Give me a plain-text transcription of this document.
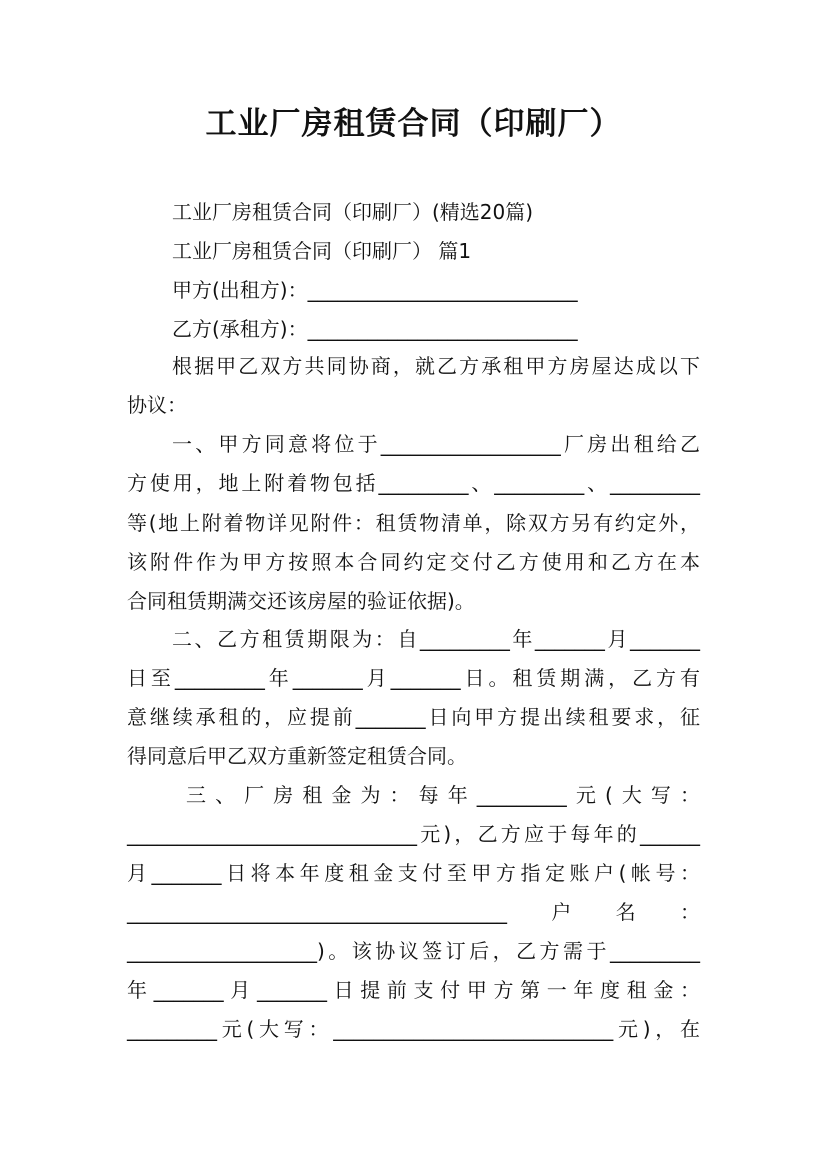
工业厂房租赁合同（印刷厂）
工业厂房租赁合同（印刷厂）(精选20篇)
工业厂房租赁合同（印刷厂） 篇1
甲方(出租方)：___________________________
乙方(承租方)：___________________________
根据甲乙双方共同协商，就乙方承租甲方房屋达成以下
协议：
一、甲方同意将位于__________________厂房出租给乙
方使用，地上附着物包括_________、_________、_________
等(地上附着物详见附件：租赁物清单，除双方另有约定外，
该附件作为甲方按照本合同约定交付乙方使用和乙方在本
合同租赁期满交还该房屋的验证依据)。
二、乙方租赁期限为：自_________年_______月_______
日至_________年_______月_______日。租赁期满，乙方有
意继续承租的，应提前_______日向甲方提出续租要求，征
得同意后甲乙双方重新签定租赁合同。
三、厂房租金为：每年_________元(大写：
_____________________________元)，乙方应于每年的______
月_______日将本年度租金支付至甲方指定账户(帐号：
______________________________________户名：
___________________)。该协议签订后，乙方需于_________
年_______月_______日提前支付甲方第一年度租金：
_________元(大写：____________________________元)，在
